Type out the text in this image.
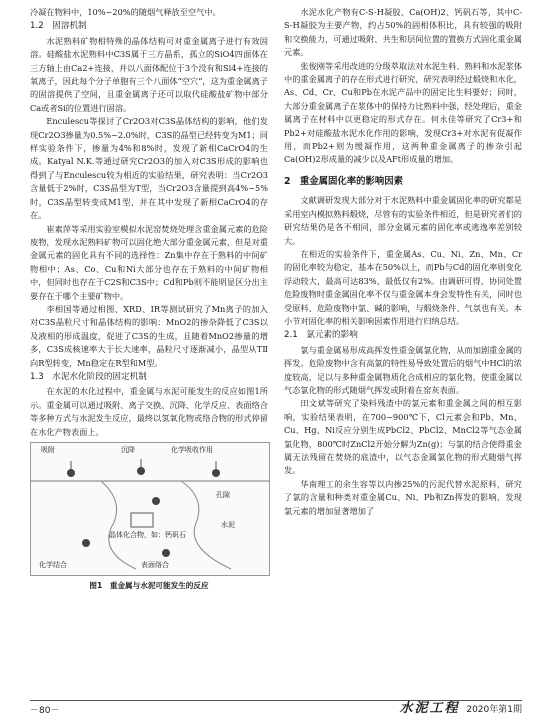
冷凝在物料中，10%~20%的随烟气释放至空气中。

1.2　固溶机制

水泥熟料矿物相特殊的晶体结构可对重金属离子进行有效固溶。硅酸盐水泥熟料中C3S属于三方晶系，孤立的SiO4四面体在三方轴上由Ca2+连接，并以八面体配位于3个没有和Si4+连接的氧离子，因此每个分子单胞有三个八面体“空穴”，这为重金属离子的固溶提供了空间，且重金属离子还可以取代硅酸盐矿物中部分Ca或者Si的位置进行固溶。

Enculescu等探讨了Cr2O3对C3S晶体结构的影响，他们发现Cr2O3掺量为0.5%~2.0%时，C3S的晶型已经转变为M1；同样实验条件下，掺量为4%和8%时，发现了新相CaCrO4的生成。Katyal N.K.等通过研究Cr2O3的加入对C3S形成的影响也得到了与Enculescu较为相近的实验结果，研究表明：当Cr2O3含量低于2%时，C3S晶型为T型，当Cr2O3含量提到高4%~5%时，C3S晶型转变成M1型，并在其中发现了新相CaCrO4的存在。

崔素萍等采用实验室模拟水泥窑焚烧处理含重金属元素的危险废物，发现水泥熟料矿物可以固化绝大部分重金属元素，但是对重金属元素的固化具有不同的选择性：Zn集中存在于熟料的中间矿物相中；As、Co、Cu和Ni大部分也存在于熟料的中间矿物相中，但同时也存在于C2S和C3S中；Cd和Pb则不能明显区分出主要存在于哪个主要矿物中。

李相国等通过相图、XRD、IR等测试研究了Mn离子的加入对C3S晶粒尺寸和晶体结构的影响：MnO2的掺杂降低了C3S以及液相的形成温度，促进了C3S的生成，且随着MnO2掺量的增多，C3S成核速率大于长大速率，晶粒尺寸逐渐减小，晶型从TⅡ向R型转变，Mn稳定在R型和M型。

1.3　水泥水化阶段的固定机制

在水泥的水化过程中，重金属与水泥可能发生的反应如图1所示。重金属可以通过吸附、离子交换、沉降、化学反应、表面络合等多种方式与水泥发生反应，最终以氢氧化物或络合物的形式停留在水化产物表面上。

吸附	沉降	化学吸收作用
孔隙
水泥
晶体化合物，如：钙矾石
化学结合	表面络合
图1　重金属与水泥可能发生的反应

水泥水化产物有C-S-H凝胶、Ca(OH)2、钙矾石等，其中C-S-H凝胶为主要产物，约占50%的固相体积比，具有较强的吸附和交换能力，可通过吸附、共生和层间位置的置换方式固化重金属元素。

张俊刚等采用改进的分级萃取法对水泥生料、熟料和水泥浆体中的重金属离子的存在形式进行研究，研究表明经过煅烧和水化，As、Cd、Cr、Cu和Pb在水泥产品中的固定比生料要好；同时，大部分重金属离子在浆体中的保持力比熟料中强，经处理后，重金属离子在材料中以更稳定的形式存在。何永佳等研究了Cr3+和Pb2+对硅酸盐水泥水化作用的影响，发现Cr3+对水泥有促凝作用，而Pb2+则为缓凝作用，这两种重金属离子的掺杂引起Ca(OH)2形成量的减少以及AFt形成量的增加。

2　重金属固化率的影响因素

文献调研发现大部分对于水泥熟料中重金属固化率的研究都是采用室内模拟熟料煅烧，尽管有的实验条件相近，但是研究者们的研究结果仍是各不相同，部分金属元素的固化率或逃逸率差别较大。

在相近的实验条件下，重金属As、Cu、Ni、Zn、Mn、Cr的固化率较为稳定，基本在50%以上，而Pb与Cd的固化率则变化浮动较大，最高可达83%，最低仅有2%。由调研可得，协同处置危险废物时重金属固化率不仅与重金属本身会发特性有关，同时也受原料、危险废物中氯、碱的影响，与煅烧条件、气氛也有关。本小节对固化率的相关影响因素作用进行归纳总结。

2.1　氯元素的影响

氯与重金属易形成高挥发性重金属氯化物，从而加剧重金属的挥发。危险废物中含有高氯的特性易导致处置后的烟气中HCl的浓度较高，足以与多种重金属物质化合成相应的氯化物，使重金属以气态氯化物的形式随烟气挥发或附着在窑灰表面。

田文斌等研究了染料残渣中的氯元素和重金属之间的相互影响，实验结果表明，在700~900℃下，Cl元素会和Pb、Mn、Cu、Hg、Ni反应分别生成PbCl2、PbCl2、MnCl2等气态金属氯化物，800℃时ZnCl2开始分解为Zn(g)；与氯的结合使得重金属无法残留在焚烧的底渣中，以气态金属氯化物的形式随烟气挥发。

华南理工的余生容等以内掺25%的污泥代替水泥原料，研究了氯的含量和种类对重金属Cu、Ni、Pb和Zn挥发的影响，发现氯元素的增加显著增加了

－80－	水泥工程 2020年第1期
